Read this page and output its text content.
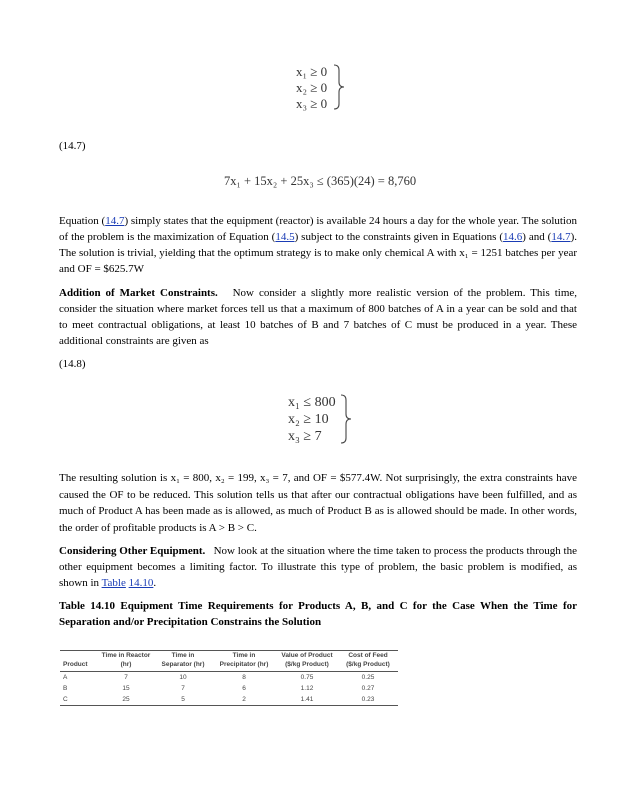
x₁ ≥ 0
x₂ ≥ 0
x₃ ≥ 0
(14.7)
7x₁ + 15x₂ + 25x₃ ≤ (365)(24) = 8,760
Equation (14.7) simply states that the equipment (reactor) is available 24 hours a day for the whole year. The solution of the problem is the maximization of Equation (14.5) subject to the constraints given in Equations (14.6) and (14.7). The solution is trivial, yielding that the optimum strategy is to make only chemical A with x₁ = 1251 batches per year and OF = $625.7W
Addition of Market Constraints. Now consider a slightly more realistic version of the problem. This time, consider the situation where market forces tell us that a maximum of 800 batches of A in a year can be sold and that to meet contractual obligations, at least 10 batches of B and 7 batches of C must be produced in a year. These additional constraints are given as
(14.8)
x₁ ≤ 800
x₂ ≥ 10
x₃ ≥ 7
The resulting solution is x₁ = 800, x₂ = 199, x₃ = 7, and OF = $577.4W. Not surprisingly, the extra constraints have caused the OF to be reduced. This solution tells us that after our contractual obligations have been fulfilled, and as much of Product A has been made as is allowed, as much of Product B as is allowed should be made. In other words, the order of profitable products is A > B > C.
Considering Other Equipment. Now look at the situation where the time taken to process the products through the other equipment becomes a limiting factor. To illustrate this type of problem, the basic problem is modified, as shown in Table 14.10.
Table 14.10 Equipment Time Requirements for Products A, B, and C for the Case When the Time for Separation and/or Precipitation Constrains the Solution
Product	Time in Reactor (hr)	Time in Separator (hr)	Time in Precipitator (hr)	Value of Product ($/kg Product)	Cost of Feed ($/kg Product)
A	7	10	8	0.75	0.25
B	15	7	6	1.12	0.27
C	25	5	2	1.41	0.23
